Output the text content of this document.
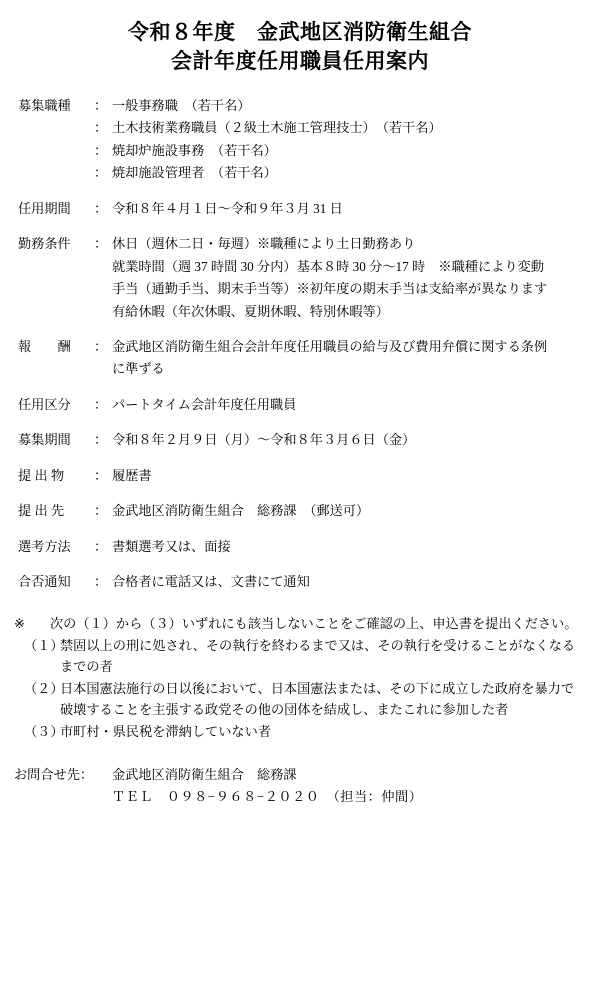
令和８年度　金武地区消防衛生組合
会計年度任用職員任用案内
募集職種	： 一般事務職　（若干名）
： 土木技術業務職員（２級土木施工管理技士）　（若干名）
： 焼却炉施設事務　（若干名）
： 焼却施設管理者　（若干名）
任用期間	： 令和８年４月１日〜令和９年３月 31 日
勤務条件	： 休日（週休二日・毎週）※職種により土日勤務あり
就業時間（週 37 時間 30 分内）基本８時 30 分〜17 時　※職種により変動
手当（通勤手当、期末手当等）※初年度の期末手当は支給率が異なります
有給休暇（年次休暇、夏期休暇、特別休暇等）
報　　酬	： 金武地区消防衛生組合会計年度任用職員の給与及び費用弁償に関する条例
に準ずる
任用区分	： パートタイム会計年度任用職員
募集期間	： 令和８年２月９日（月）〜令和８年３月６日（金）
提 出 物	： 履歴書
提 出 先	： 金武地区消防衛生組合　総務課　（郵送可）
選考方法	： 書類選考又は、面接
合否通知	： 合格者に電話又は、文書にて通知
※	次の（１）から（３）いずれにも該当しないことをご確認の上、申込書を提出ください。
（１）
禁固以上の刑に処され、その執行を終わるまで又は、その執行を受けることがなくなるまでの者
（２）
日本国憲法施行の日以後において、日本国憲法または、その下に成立した政府を暴力で破壊することを主張する政党その他の団体を結成し、またこれに参加した者
（３）
市町村・県民税を滞納していない者
お問合せ先：	金武地区消防衛生組合　総務課
ＴＥＬ　０９８−９６８−２０２０　（担当：仲間）
